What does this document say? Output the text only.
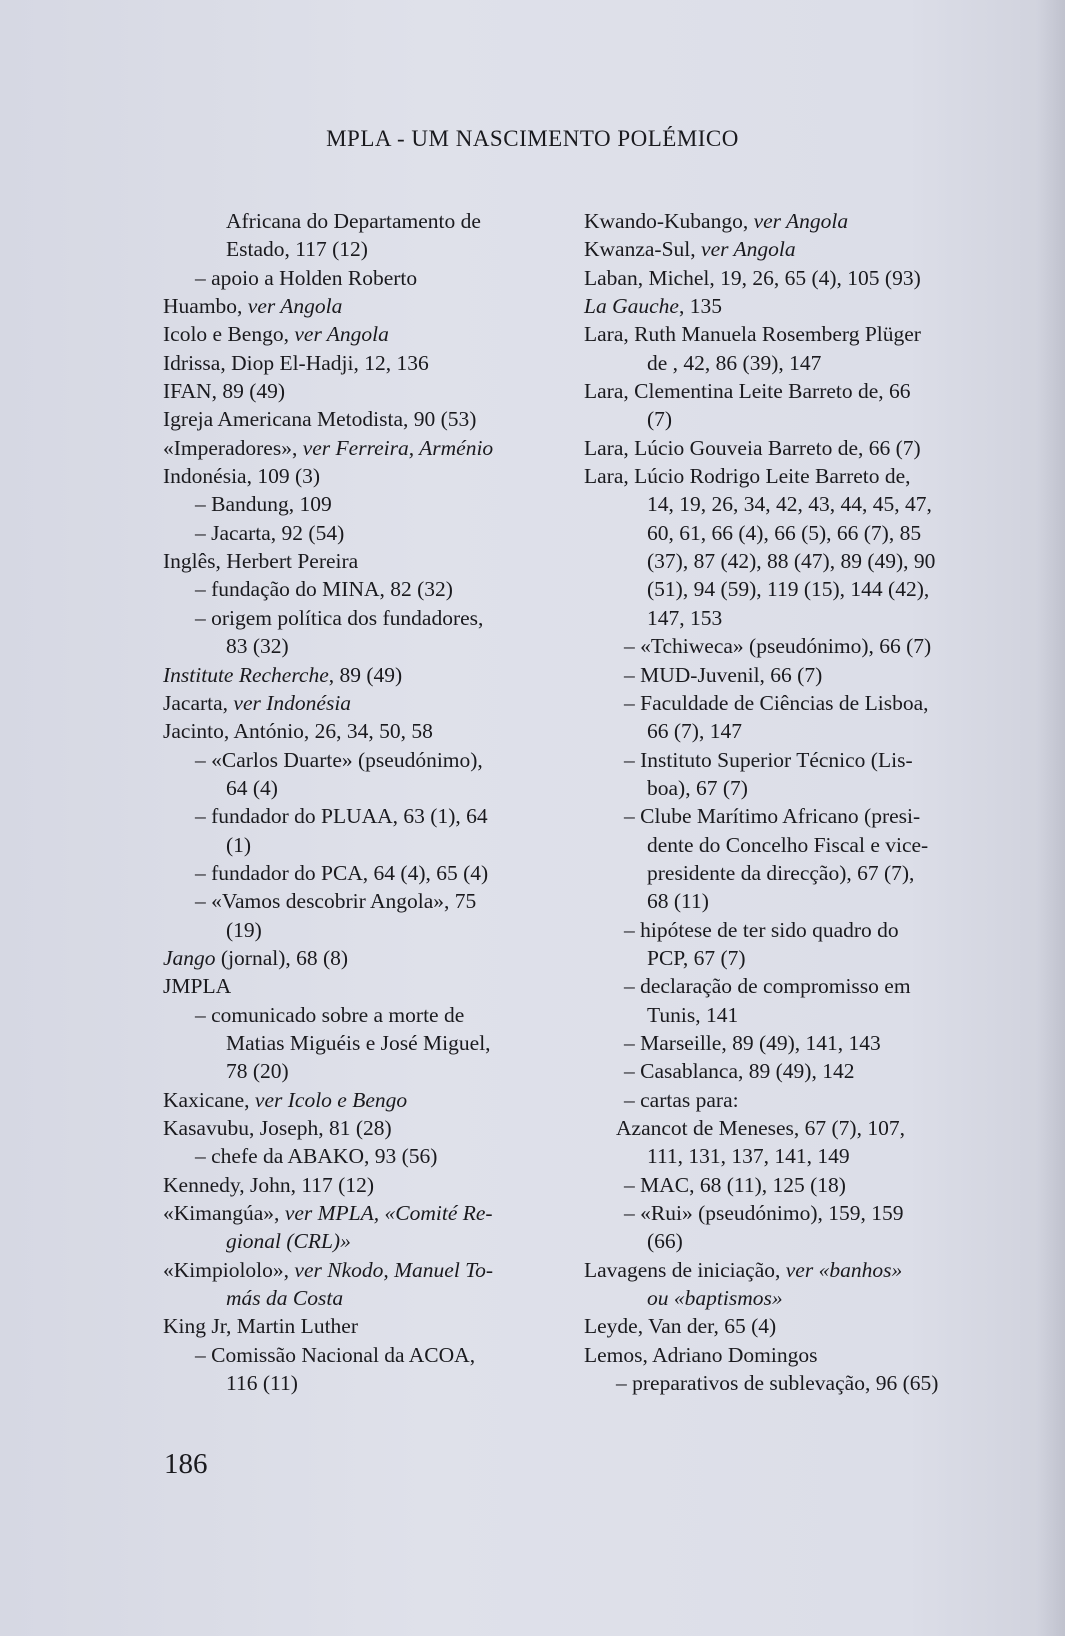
MPLA - UM NASCIMENTO POLÉMICO
Africana do Departamento de
Estado, 117 (12)
– apoio a Holden Roberto
Huambo, ver Angola
Icolo e Bengo, ver Angola
Idrissa, Diop El-Hadji, 12, 136
IFAN, 89 (49)
Igreja Americana Metodista, 90 (53)
«Imperadores», ver Ferreira, Arménio
Indonésia, 109 (3)
– Bandung, 109
– Jacarta, 92 (54)
Inglês, Herbert Pereira
– fundação do MINA, 82 (32)
– origem política dos fundadores,
83 (32)
Institute Recherche, 89 (49)
Jacarta, ver Indonésia
Jacinto, António, 26, 34, 50, 58
– «Carlos Duarte» (pseudónimo),
64 (4)
– fundador do PLUAA, 63 (1), 64
(1)
– fundador do PCA, 64 (4), 65 (4)
– «Vamos descobrir Angola», 75
(19)
Jango (jornal), 68 (8)
JMPLA
– comunicado sobre a morte de
Matias Miguéis e José Miguel,
78 (20)
Kaxicane, ver Icolo e Bengo
Kasavubu, Joseph, 81 (28)
– chefe da ABAKO, 93 (56)
Kennedy, John, 117 (12)
«Kimangúa», ver MPLA, «Comité Re-
gional (CRL)»
«Kimpiololo», ver Nkodo, Manuel To-
más da Costa
King Jr, Martin Luther
– Comissão Nacional da ACOA,
116 (11)
Kwando-Kubango, ver Angola
Kwanza-Sul, ver Angola
Laban, Michel, 19, 26, 65 (4), 105 (93)
La Gauche, 135
Lara, Ruth Manuela Rosemberg Plüger
de , 42, 86 (39), 147
Lara, Clementina Leite Barreto de, 66
(7)
Lara, Lúcio Gouveia Barreto de, 66 (7)
Lara, Lúcio Rodrigo Leite Barreto de,
14, 19, 26, 34, 42, 43, 44, 45, 47,
60, 61, 66 (4), 66 (5), 66 (7), 85
(37), 87 (42), 88 (47), 89 (49), 90
(51), 94 (59), 119 (15), 144 (42),
147, 153
– «Tchiweca» (pseudónimo), 66 (7)
– MUD-Juvenil, 66 (7)
– Faculdade de Ciências de Lisboa,
66 (7), 147
– Instituto Superior Técnico (Lis-
boa), 67 (7)
– Clube Marítimo Africano (presi-
dente do Concelho Fiscal e vice-
presidente da direcção), 67 (7),
68 (11)
– hipótese de ter sido quadro do
PCP, 67 (7)
– declaração de compromisso em
Tunis, 141
– Marseille, 89 (49), 141, 143
– Casablanca, 89 (49), 142
– cartas para:
Azancot de Meneses, 67 (7), 107,
111, 131, 137, 141, 149
– MAC, 68 (11), 125 (18)
– «Rui» (pseudónimo), 159, 159
(66)
Lavagens de iniciação, ver «banhos»
ou «baptismos»
Leyde, Van der, 65 (4)
Lemos, Adriano Domingos
– preparativos de sublevação, 96 (65)
186
